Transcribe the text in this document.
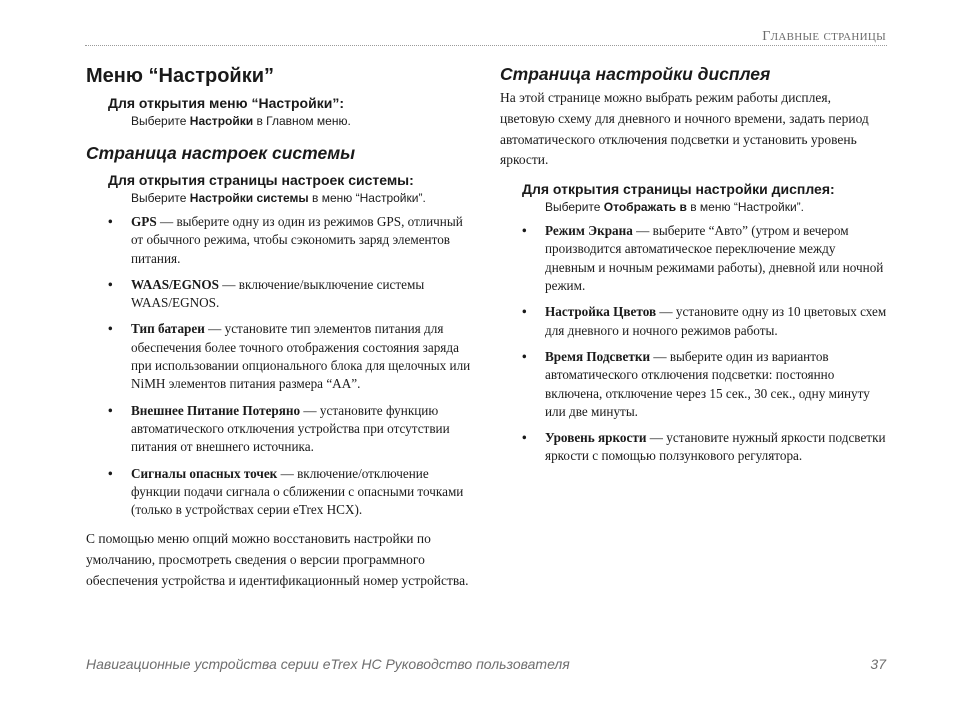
Главные страницы
Меню “Настройки”
Для открытия меню “Настройки”:
Выберите Настройки в Главном меню.
Страница настроек системы
Для открытия страницы настроек системы:
Выберите Настройки системы в меню “Настройки”.
• GPS — выберите одну из один из режимов GPS, отличный от обычного режима, чтобы сэкономить заряд элементов питания.
• WAAS/EGNOS — включение/выключение системы WAAS/EGNOS.
• Тип батареи — установите тип элементов питания для обеспечения более точного отображения состояния заряда при использовании опционального блока для щелочных или NiMH элементов питания размера “AA”.
• Внешнее Питание Потеряно — установите функцию автоматического отключения устройства при отсутствии питания от внешнего источника.
• Сигналы опасных точек — включение/отключение функции подачи сигнала о сближении с опасными точками (только в устройствах серии eTrex HCX).

С помощью меню опций можно восстановить настройки по умолчанию, просмотреть сведения о версии программного обеспечения устройства и идентификационный номер устройства.

Страница настройки дисплея

На этой странице можно выбрать режим работы дисплея, цветовую схему для дневного и ночного времени, задать период автоматического отключения подсветки и установить уровень яркости.

Для открытия страницы настройки дисплея:
Выберите Отображать в в меню “Настройки”.
• Режим Экрана — выберите “Авто” (утром и вечером производится автоматическое переключение между дневным и ночным режимами работы), дневной или ночной режим.
• Настройка Цветов — установите одну из 10 цветовых схем для дневного и ночного режимов работы.
• Время Подсветки — выберите один из вариантов автоматического отключения подсветки: постоянно включена, отключение через 15 сек., 30 сек., одну минуту или две минуты.
• Уровень яркости — установите нужный яркости подсветки яркости с помощью ползункового регулятора.
Навигационные устройства серии eTrex HC Руководство пользователя	37
